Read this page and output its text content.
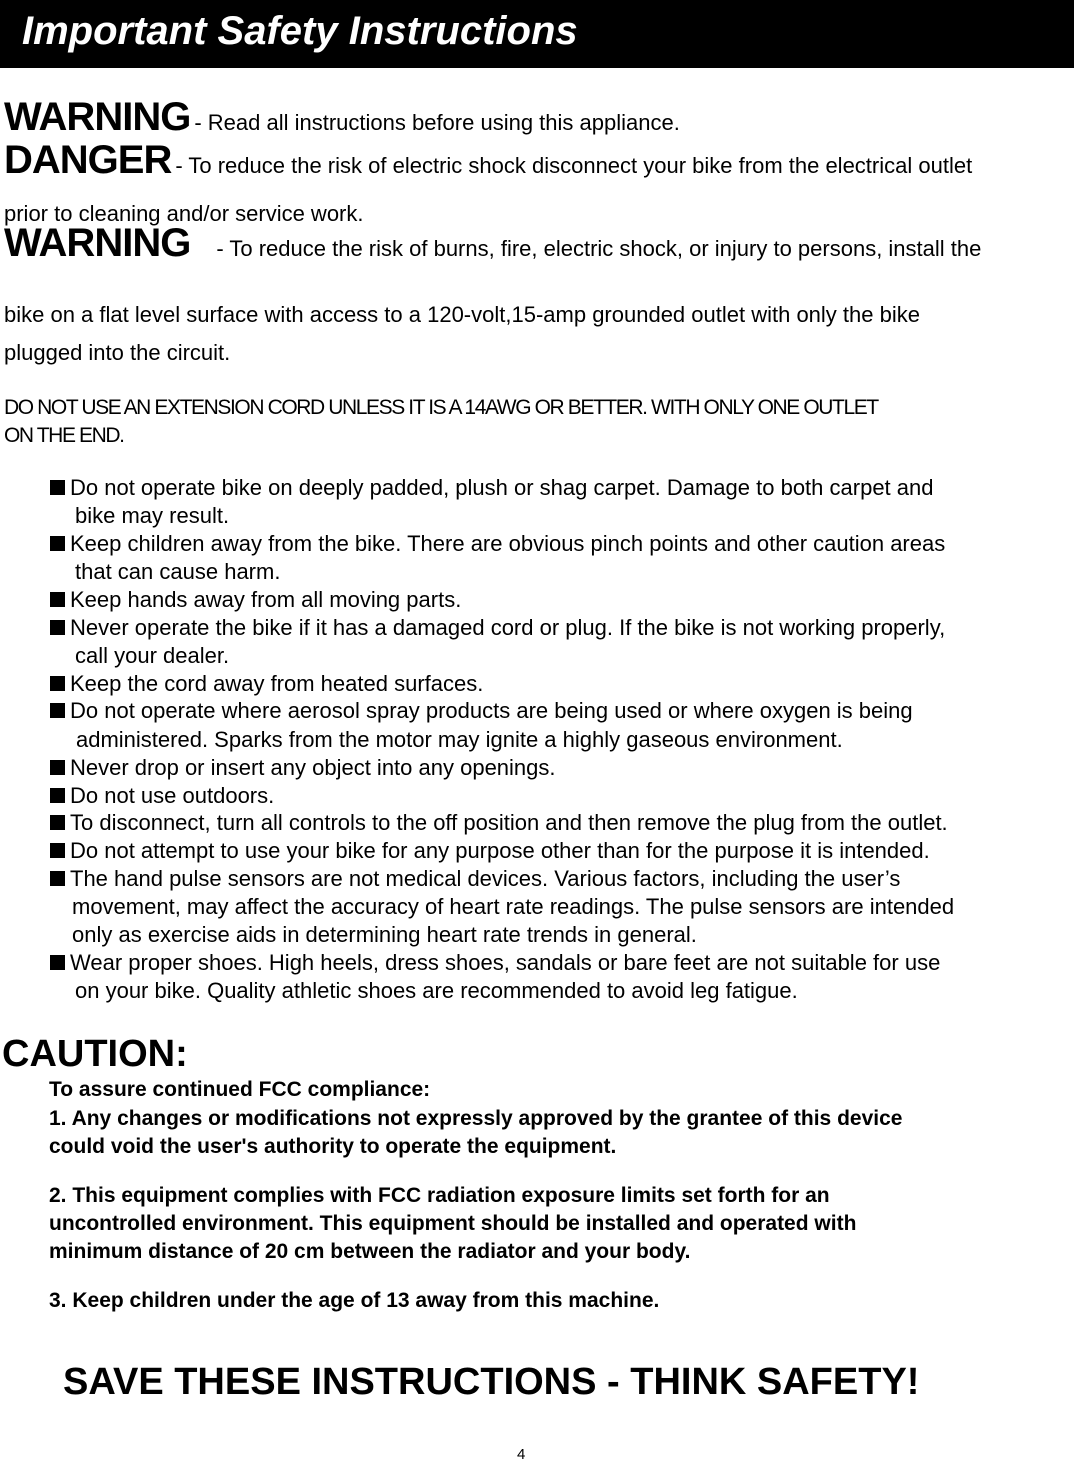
Important Safety Instructions
WARNING - Read all instructions before using this appliance.
DANGER - To reduce the risk of electric shock disconnect your bike from the electrical outlet
prior to cleaning and/or service work.
WARNING - To reduce the risk of burns, fire, electric shock, or injury to persons, install the
bike on a flat level surface with access to a 120-volt,15-amp grounded outlet with only the bike
plugged into the circuit.
DO NOT USE AN EXTENSION CORD UNLESS IT IS A 14AWG OR BETTER. WITH ONLY ONE OUTLET
ON THE END.
Do not operate bike on deeply padded, plush or shag carpet. Damage to both carpet and
bike may result.
Keep children away from the bike. There are obvious pinch points and other caution areas
that can cause harm.
Keep hands away from all moving parts.
Never operate the bike if it has a damaged cord or plug. If the bike is not working properly,
call your dealer.
Keep the cord away from heated surfaces.
Do not operate where aerosol spray products are being used or where oxygen is being
administered. Sparks from the motor may ignite a highly gaseous environment.
Never drop or insert any object into any openings.
Do not use outdoors.
To disconnect, turn all controls to the off position and then remove the plug from the outlet.
Do not attempt to use your bike for any purpose other than for the purpose it is intended.
The hand pulse sensors are not medical devices. Various factors, including the user’s
movement, may affect the accuracy of heart rate readings. The pulse sensors are intended
only as exercise aids in determining heart rate trends in general.
Wear proper shoes. High heels, dress shoes, sandals or bare feet are not suitable for use
on your bike. Quality athletic shoes are recommended to avoid leg fatigue.
CAUTION:
To assure continued FCC compliance:
1. Any changes or modifications not expressly approved by the grantee of this device
could void the user's authority to operate the equipment.
2. This equipment complies with FCC radiation exposure limits set forth for an
uncontrolled environment. This equipment should be installed and operated with
minimum distance of 20 cm between the radiator and your body.
3. Keep children under the age of 13 away from this machine.
SAVE THESE INSTRUCTIONS - THINK SAFETY!
4
